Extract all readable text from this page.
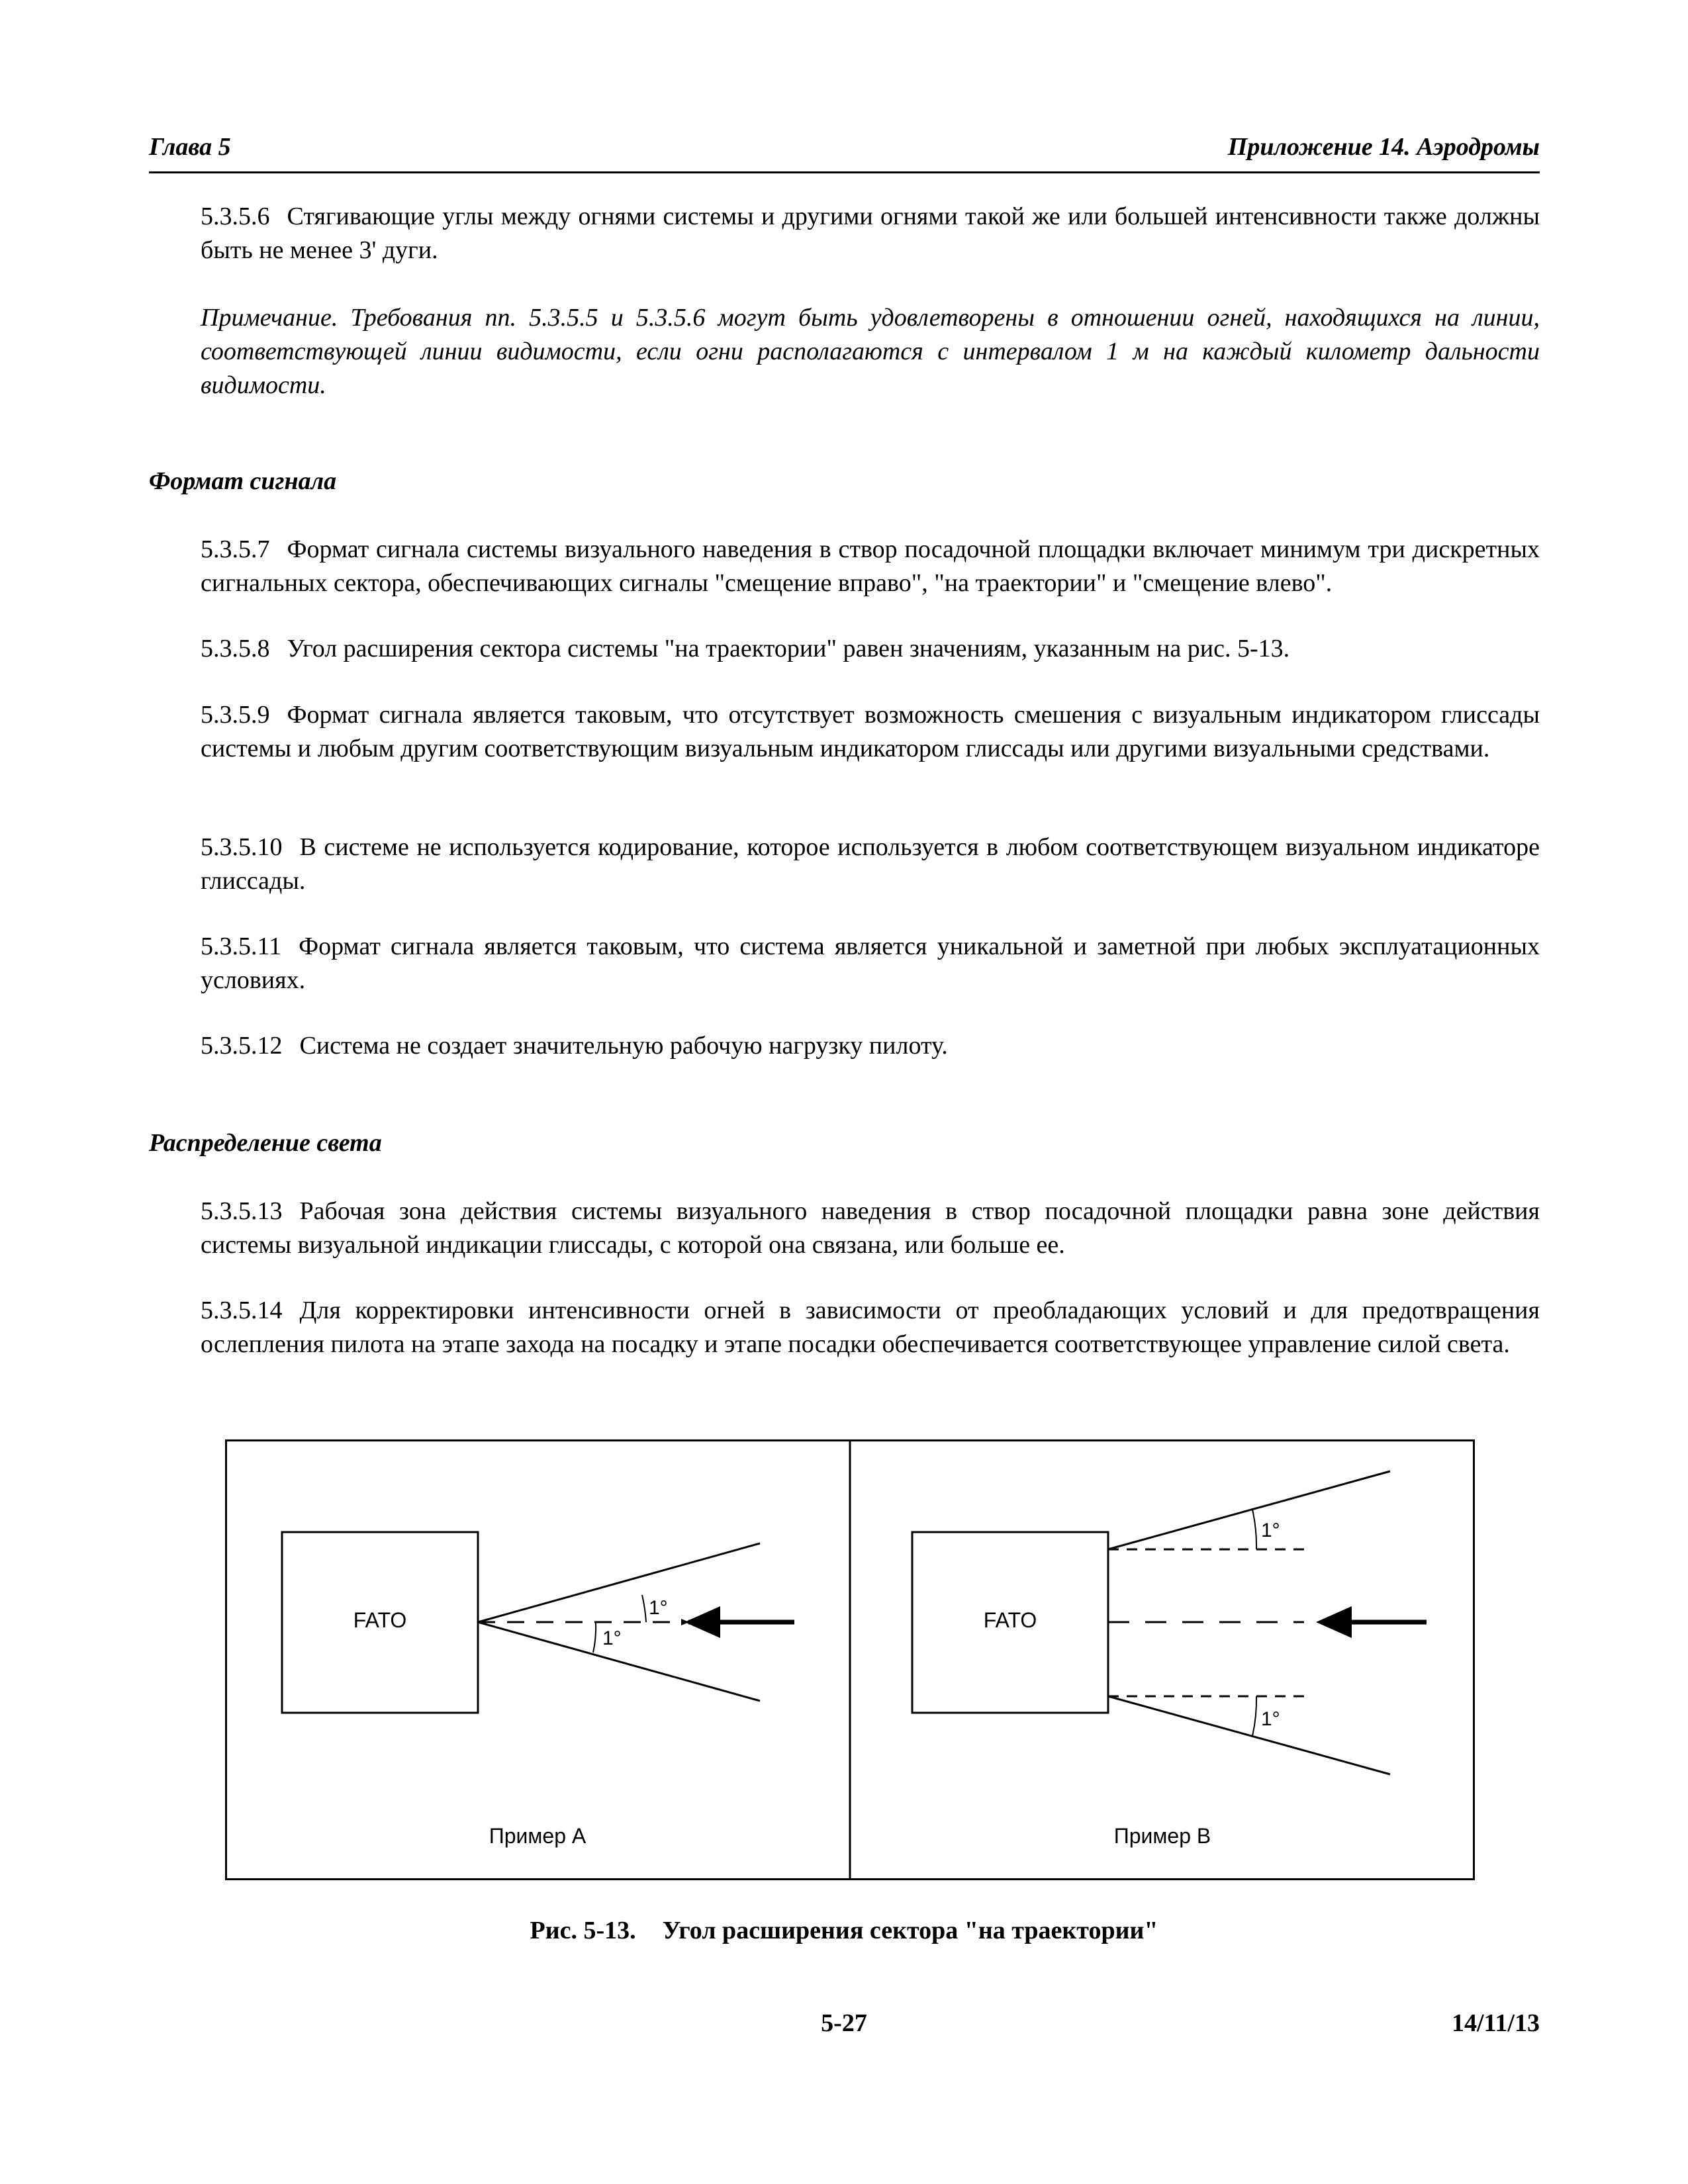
Глава 5	Приложение 14. Аэродромы
5.3.5.6 Стягивающие углы между огнями системы и другими огнями такой же или большей интенсивности также должны быть не менее 3' дуги.
Примечание. Требования пп. 5.3.5.5 и 5.3.5.6 могут быть удовлетворены в отношении огней, находящихся на линии, соответствующей линии видимости, если огни располагаются с интервалом 1 м на каждый километр дальности видимости.
Формат сигнала
5.3.5.7 Формат сигнала системы визуального наведения в створ посадочной площадки включает минимум три дискретных сигнальных сектора, обеспечивающих сигналы "смещение вправо", "на траектории" и "смещение влево".
5.3.5.8 Угол расширения сектора системы "на траектории" равен значениям, указанным на рис. 5-13.
5.3.5.9 Формат сигнала является таковым, что отсутствует возможность смешения с визуальным индикатором глиссады системы и любым другим соответствующим визуальным индикатором глиссады или другими визуальными средствами.
5.3.5.10 В системе не используется кодирование, которое используется в любом соответствующем визуальном индикаторе глиссады.
5.3.5.11 Формат сигнала является таковым, что система является уникальной и заметной при любых эксплуатационных условиях.
5.3.5.12 Система не создает значительную рабочую нагрузку пилоту.
Распределение света
5.3.5.13 Рабочая зона действия системы визуального наведения в створ посадочной площадки равна зоне действия системы визуальной индикации глиссады, с которой она связана, или больше ее.
5.3.5.14 Для корректировки интенсивности огней в зависимости от преобладающих условий и для предотвращения ослепления пилота на этапе захода на посадку и этапе посадки обеспечивается соответствующее управление силой света.
FATO
1°
1°
Пример А
FATO
1°
1°
Пример В
Рис. 5-13. Угол расширения сектора "на траектории"
5-27	14/11/13
